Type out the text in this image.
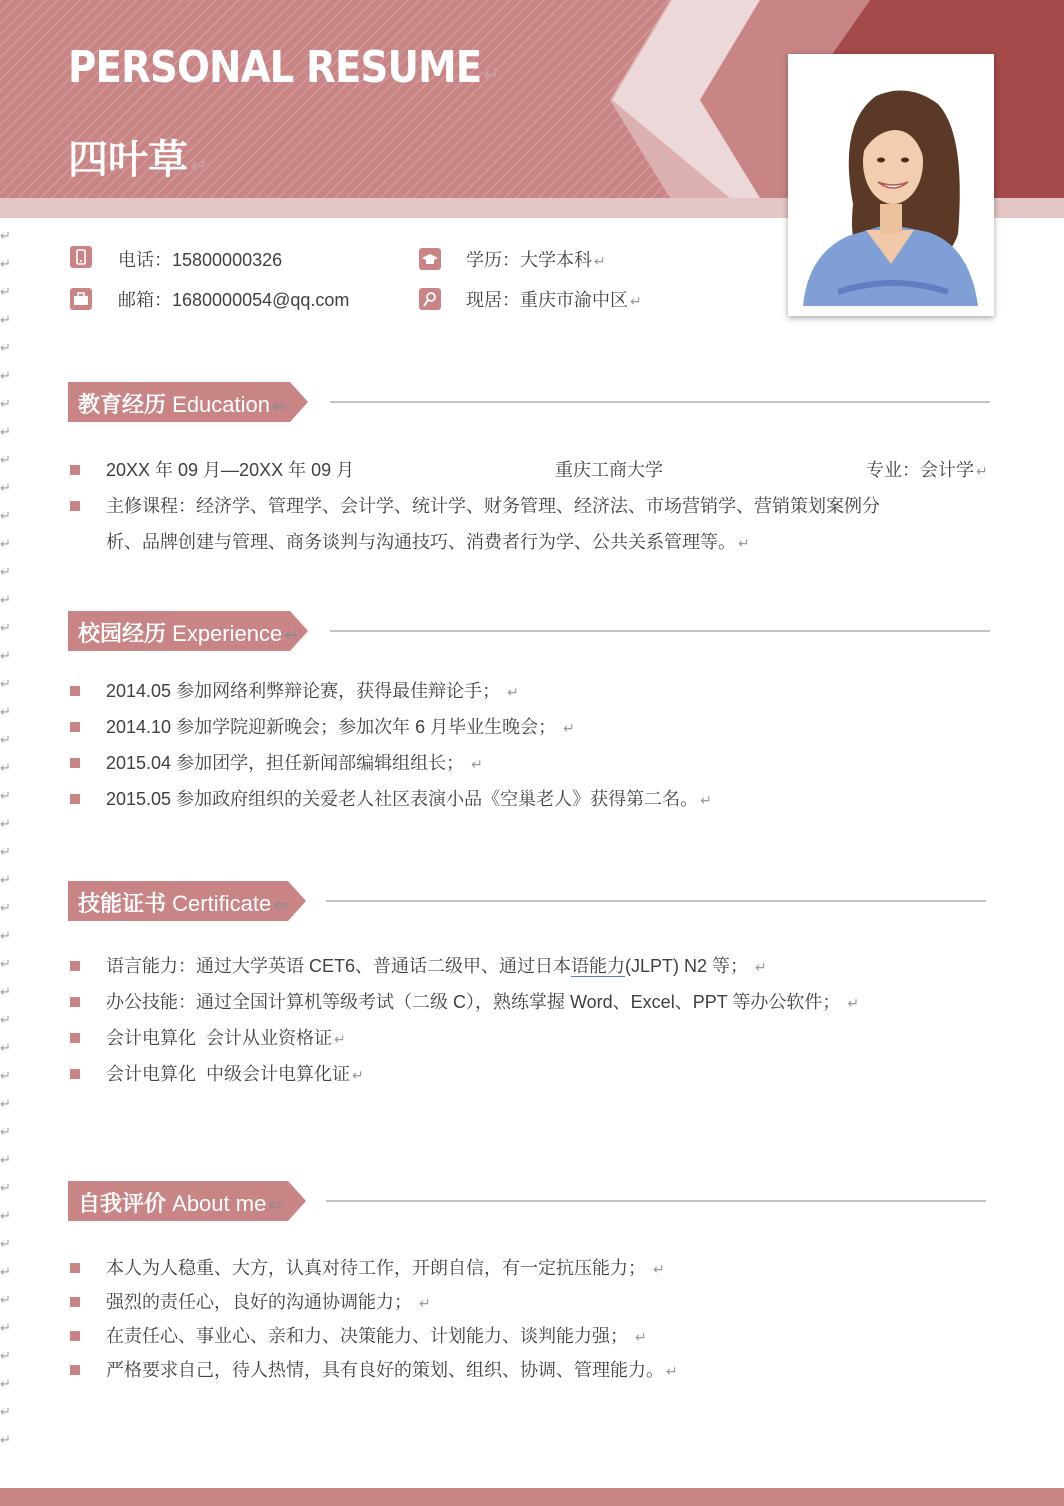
PERSONAL RESUME↵
四叶草↵
↵
↵
↵
↵
↵
↵
↵
↵
↵
↵
↵
↵
↵
↵
↵
↵
↵
↵
↵
↵
↵
↵
↵
↵
↵
↵
↵
↵
↵
↵
↵
↵
↵
↵
↵
↵
↵
↵
↵
↵
↵
↵
↵
↵
电话：15800000326
邮箱：1680000054@qq.com
学历：大学本科 ↵
现居：重庆市渝中区 ↵
教育经历 Education ⇐
20XX 年 09 月—20XX 年 09 月	重庆工商大学	专业：会计学 ↵
主修课程：经济学、管理学、会计学、统计学、财务管理、经济法、市场营销学、营销策划案例分
析、品牌创建与管理、商务谈判与沟通技巧、消费者行为学、公共关系管理等。 ↵
校园经历 Experience ↵
2014.05 参加网络利弊辩论赛，获得最佳辩论手； ↵
2014.10 参加学院迎新晚会；参加次年 6 月毕业生晚会； ↵
2015.04 参加团学，担任新闻部编辑组组长； ↵
2015.05 参加政府组织的关爱老人社区表演小品《空巢老人》获得第二名。 ↵
技能证书 Certificate ⇐
语言能力：通过大学英语 CET6、普通话二级甲、通过日本语能力(JLPT) N2 等； ↵
办公技能：通过全国计算机等级考试（二级 C），熟练掌握 Word、Excel、PPT 等办公软件； ↵
会计电算化  会计从业资格证 ↵
会计电算化  中级会计电算化证 ↵
自我评价 About me ⇐
本人为人稳重、大方，认真对待工作，开朗自信，有一定抗压能力； ↵
强烈的责任心，良好的沟通协调能力； ↵
在责任心、事业心、亲和力、决策能力、计划能力、谈判能力强； ↵
严格要求自己，待人热情，具有良好的策划、组织、协调、管理能力。 ↵
